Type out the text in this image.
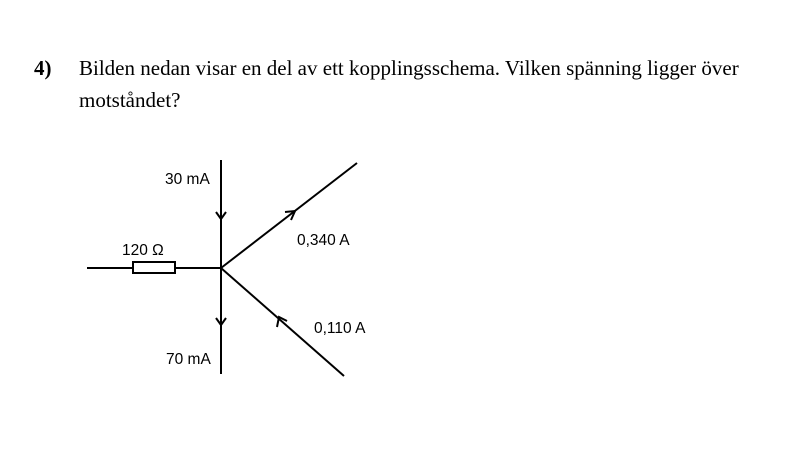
4) Bilden nedan visar en del av ett kopplingsschema. Vilken spänning ligger över motståndet?
30 mA
70 mA
120 Ω
0,340 A
0,110 A
